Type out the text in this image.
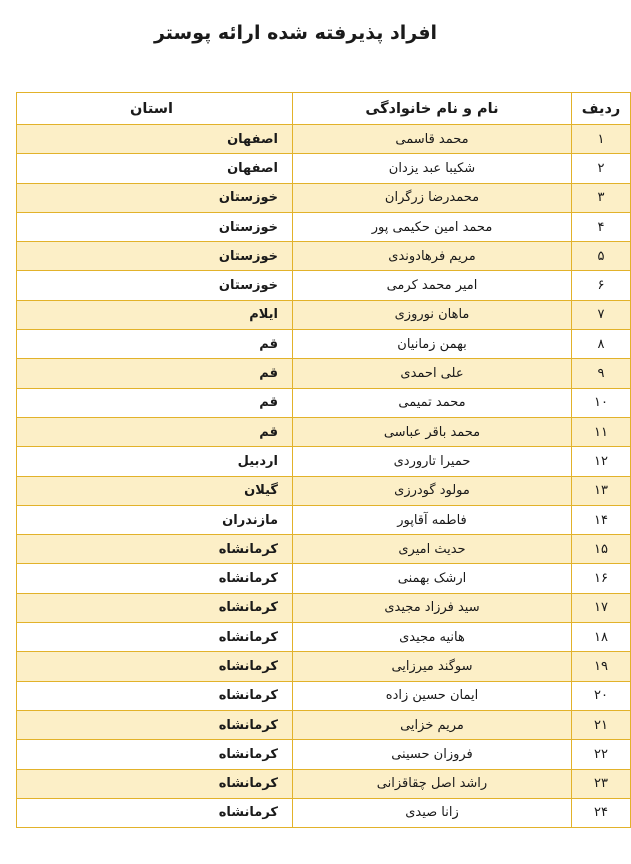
افراد پذیرفته شده ارائه پوستر
ردیف	نام و نام خانوادگی	استان
۱	محمد قاسمی	اصفهان
۲	شکیبا عبد یزدان	اصفهان
۳	محمدرضا زرگران	خوزستان
۴	محمد امین حکیمی پور	خوزستان
۵	مریم فرهادوندی	خوزستان
۶	امیر محمد کرمی	خوزستان
۷	ماهان نوروزی	ایلام
۸	بهمن زمانیان	قم
۹	علی احمدی	قم
۱۰	محمد تمیمی	قم
۱۱	محمد باقر عباسی	قم
۱۲	حمیرا تاروردی	اردبیل
۱۳	مولود گودرزی	گیلان
۱۴	فاطمه آقاپور	مازندران
۱۵	حدیث امیری	کرمانشاه
۱۶	ارشک بهمنی	کرمانشاه
۱۷	سید فرزاد مجیدی	کرمانشاه
۱۸	هانیه مجیدی	کرمانشاه
۱۹	سوگند میرزایی	کرمانشاه
۲۰	ایمان حسین زاده	کرمانشاه
۲۱	مریم خزایی	کرمانشاه
۲۲	فروزان حسینی	کرمانشاه
۲۳	راشد اصل چقاقزانی	کرمانشاه
۲۴	زانا صیدی	کرمانشاه
